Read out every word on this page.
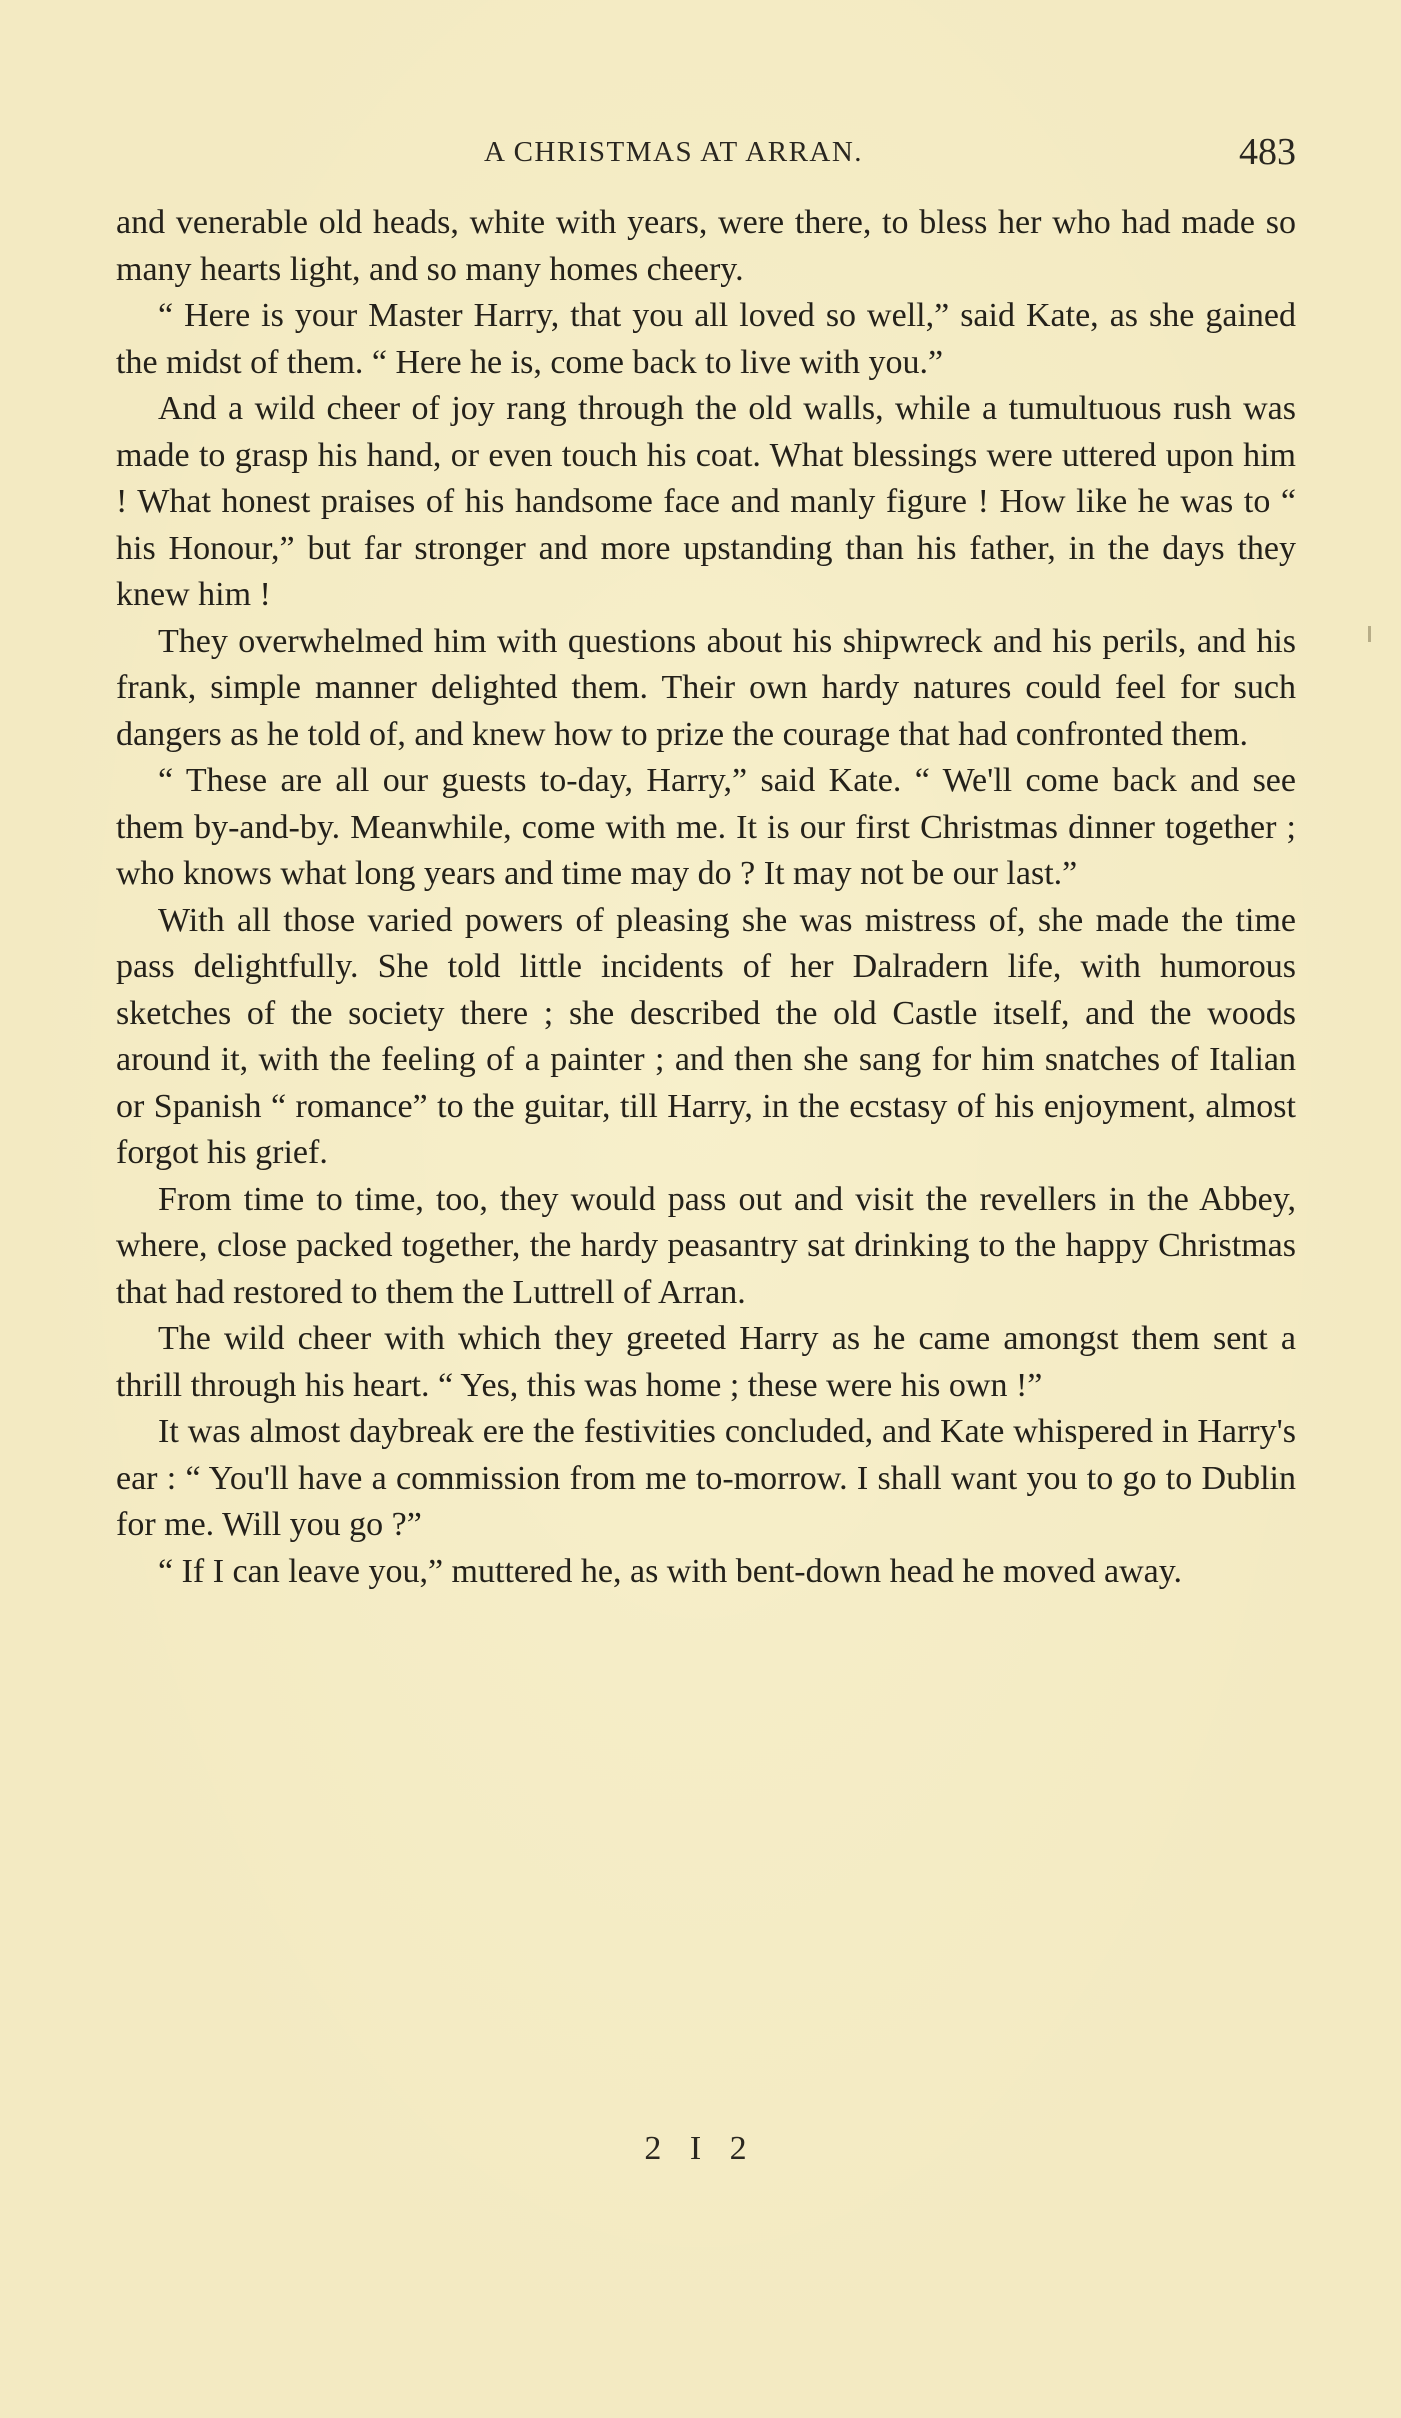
A CHRISTMAS AT ARRAN.	483

and venerable old heads, white with years, were there, to bless her who had made so many hearts light, and so many homes cheery.

“ Here is your Master Harry, that you all loved so well,” said Kate, as she gained the midst of them. “ Here he is, come back to live with you.”

And a wild cheer of joy rang through the old walls, while a tumultuous rush was made to grasp his hand, or even touch his coat. What blessings were uttered upon him ! What honest praises of his handsome face and manly figure ! How like he was to “ his Honour,” but far stronger and more upstanding than his father, in the days they knew him !

They overwhelmed him with questions about his shipwreck and his perils, and his frank, simple manner delighted them. Their own hardy natures could feel for such dangers as he told of, and knew how to prize the courage that had confronted them.

“ These are all our guests to-day, Harry,” said Kate. “ We'll come back and see them by-and-by. Meanwhile, come with me. It is our first Christmas dinner together ; who knows what long years and time may do ? It may not be our last.”

With all those varied powers of pleasing she was mistress of, she made the time pass delightfully. She told little incidents of her Dalradern life, with humorous sketches of the society there ; she described the old Castle itself, and the woods around it, with the feeling of a painter ; and then she sang for him snatches of Italian or Spanish “ romance” to the guitar, till Harry, in the ecstasy of his enjoyment, almost forgot his grief.

From time to time, too, they would pass out and visit the revellers in the Abbey, where, close packed together, the hardy peasantry sat drinking to the happy Christmas that had restored to them the Luttrell of Arran.

The wild cheer with which they greeted Harry as he came amongst them sent a thrill through his heart. “ Yes, this was home ; these were his own !”

It was almost daybreak ere the festivities concluded, and Kate whispered in Harry's ear : “ You'll have a commission from me to-morrow. I shall want you to go to Dublin for me. Will you go ?”

“ If I can leave you,” muttered he, as with bent-down head he moved away.

2 I 2
